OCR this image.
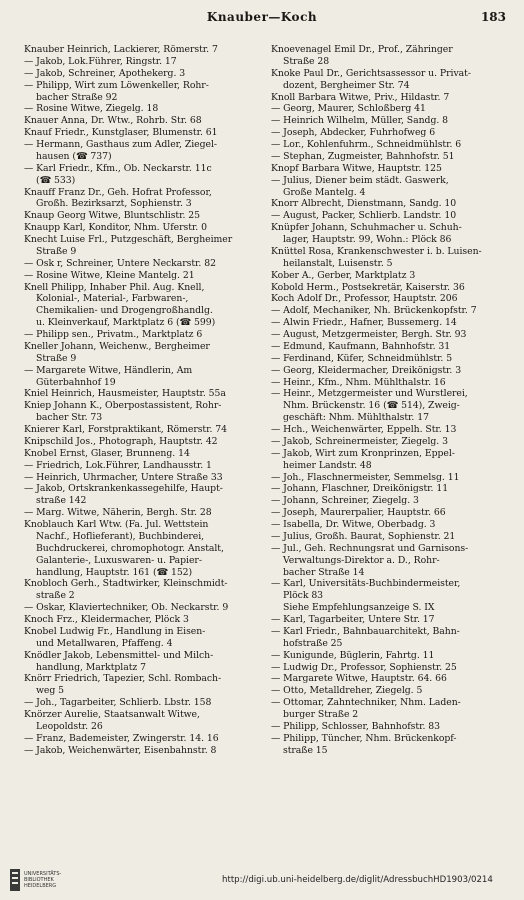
Knauber—Koch	183
Knauber Heinrich, Lackierer, Römerstr. 7
— Jakob, Lok.Führer, Ringstr. 17
— Jakob, Schreiner, Apothekerg. 3
— Philipp, Wirt zum Löwenkeller, Rohr-
bacher Straße 92
— Rosine Witwe, Ziegelg. 18
Knauer Anna, Dr. Wtw., Rohrb. Str. 68
Knauf Friedr., Kunstglaser, Blumenstr. 61
— Hermann, Gasthaus zum Adler, Ziegel-
hausen (☎ 737)
— Karl Friedr., Kfm., Ob. Neckarstr. 11c
(☎ 533)
Knauff Franz Dr., Geh. Hofrat Professor,
Großh. Bezirksarzt, Sophienstr. 3
Knaup Georg Witwe, Bluntschlistr. 25
Knaupp Karl, Konditor, Nhm. Uferstr. 0
Knecht Luise Frl., Putzgeschäft, Bergheimer
Straße 9
— Osk r, Schreiner, Untere Neckarstr. 82
— Rosine Witwe, Kleine Mantelg. 21
Knell Philipp, Inhaber Phil. Aug. Knell,
Kolonial-, Material-, Farbwaren-,
Chemikalien- und Drogengroßhandlg.
u. Kleinverkauf, Marktplatz 6 (☎ 599)
— Philipp sen., Privatm., Marktplatz 6
Kneller Johann, Weichenw., Bergheimer
Straße 9
— Margarete Witwe, Händlerin, Am
Güterbahnhof 19
Kniel Heinrich, Hausmeister, Hauptstr. 55a
Kniep Johann K., Oberpostassistent, Rohr-
bacher Str. 73
Knierer Karl, Forstpraktikant, Römerstr. 74
Knipschild Jos., Photograph, Hauptstr. 42
Knobel Ernst, Glaser, Brunneng. 14
— Friedrich, Lok.Führer, Landhausstr. 1
— Heinrich, Uhrmacher, Untere Straße 33
— Jakob, Ortskrankenkassegehilfe, Haupt-
straße 142
— Marg. Witwe, Näherin, Bergh. Str. 28
Knoblauch Karl Wtw. (Fa. Jul. Wettstein
Nachf., Hoflieferant), Buchbinderei,
Buchdruckerei, chromophotogr. Anstalt,
Galanterie-, Luxuswaren- u. Papier-
handlung, Hauptstr. 161 (☎ 152)
Knobloch Gerh., Stadtwirker, Kleinschmidt-
straße 2
— Oskar, Klaviertechniker, Ob. Neckarstr. 9
Knoch Frz., Kleidermacher, Plöck 3
Knobel Ludwig Fr., Handlung in Eisen-
und Metallwaren, Pfaffeng. 4
Knödler Jakob, Lebensmittel- und Milch-
handlung, Marktplatz 7
Knörr Friedrich, Tapezier, Schl. Rombach-
weg 5
— Joh., Tagarbeiter, Schlierb. Lbstr. 158
Knörzer Aurelie, Staatsanwalt Witwe,
Leopoldstr. 26
— Franz, Bademeister, Zwingerstr. 14. 16
— Jakob, Weichenwärter, Eisenbahnstr. 8
Knoevenagel Emil Dr., Prof., Zähringer
Straße 28
Knoke Paul Dr., Gerichtsassessor u. Privat-
dozent, Bergheimer Str. 74
Knoll Barbara Witwe, Priv., Hildastr. 7
— Georg, Maurer, Schloßberg 41
— Heinrich Wilhelm, Müller, Sandg. 8
— Joseph, Abdecker, Fuhrhofweg 6
— Lor., Kohlenfuhrm., Schneidmühlstr. 6
— Stephan, Zugmeister, Bahnhofstr. 51
Knopf Barbara Witwe, Hauptstr. 125
— Julius, Diener beim städt. Gaswerk,
Große Mantelg. 4
Knorr Albrecht, Dienstmann, Sandg. 10
— August, Packer, Schlierb. Landstr. 10
Knüpfer Johann, Schuhmacher u. Schuh-
lager, Hauptstr. 99, Wohn.: Plöck 86
Knüttel Rosa, Krankenschwester i. b. Luisen-
heilanstalt, Luisenstr. 5
Kober A., Gerber, Marktplatz 3
Kobold Herm., Postsekretär, Kaiserstr. 36
Koch Adolf Dr., Professor, Hauptstr. 206
— Adolf, Mechaniker, Nh. Brückenkopfstr. 7
— Alwin Friedr., Hafner, Bussemerg. 14
— August, Metzgermeister, Bergh. Str. 93
— Edmund, Kaufmann, Bahnhofstr. 31
— Ferdinand, Küfer, Schneidmühlstr. 5
— Georg, Kleidermacher, Dreikönigstr. 3
— Heinr., Kfm., Nhm. Mühlthalstr. 16
— Heinr., Metzgermeister und Wurstlerei,
Nhm. Brückenstr. 16 (☎ 514), Zweig-
geschäft: Nhm. Mühlthalstr. 17
— Hch., Weichenwärter, Eppelh. Str. 13
— Jakob, Schreinermeister, Ziegelg. 3
— Jakob, Wirt zum Kronprinzen, Eppel-
heimer Landstr. 48
— Joh., Flaschnermeister, Semmelsg. 11
— Johann, Flaschner, Dreikönigstr. 11
— Johann, Schreiner, Ziegelg. 3
— Joseph, Maurerpalier, Hauptstr. 66
— Isabella, Dr. Witwe, Oberbadg. 3
— Julius, Großh. Baurat, Sophienstr. 21
— Jul., Geh. Rechnungsrat und Garnisons-
Verwaltungs-Direktor a. D., Rohr-
bacher Straße 14
— Karl, Universitäts-Buchbindermeister,
Plöck 83
Siehe Empfehlungsanzeige S. IX
— Karl, Tagarbeiter, Untere Str. 17
— Karl Friedr., Bahnbauarchitekt, Bahn-
hofstraße 25
— Kunigunde, Büglerin, Fahrtg. 11
— Ludwig Dr., Professor, Sophienstr. 25
— Margarete Witwe, Hauptstr. 64. 66
— Otto, Metalldreher, Ziegelg. 5
— Ottomar, Zahntechniker, Nhm. Laden-
burger Straße 2
— Philipp, Schlosser, Bahnhofstr. 83
— Philipp, Tüncher, Nhm. Brückenkopf-
straße 15
UNIVERSITÄTS-
BIBLIOTHEK
HEIDELBERG
http://digi.ub.uni-heidelberg.de/diglit/AdressbuchHD1903/0214
